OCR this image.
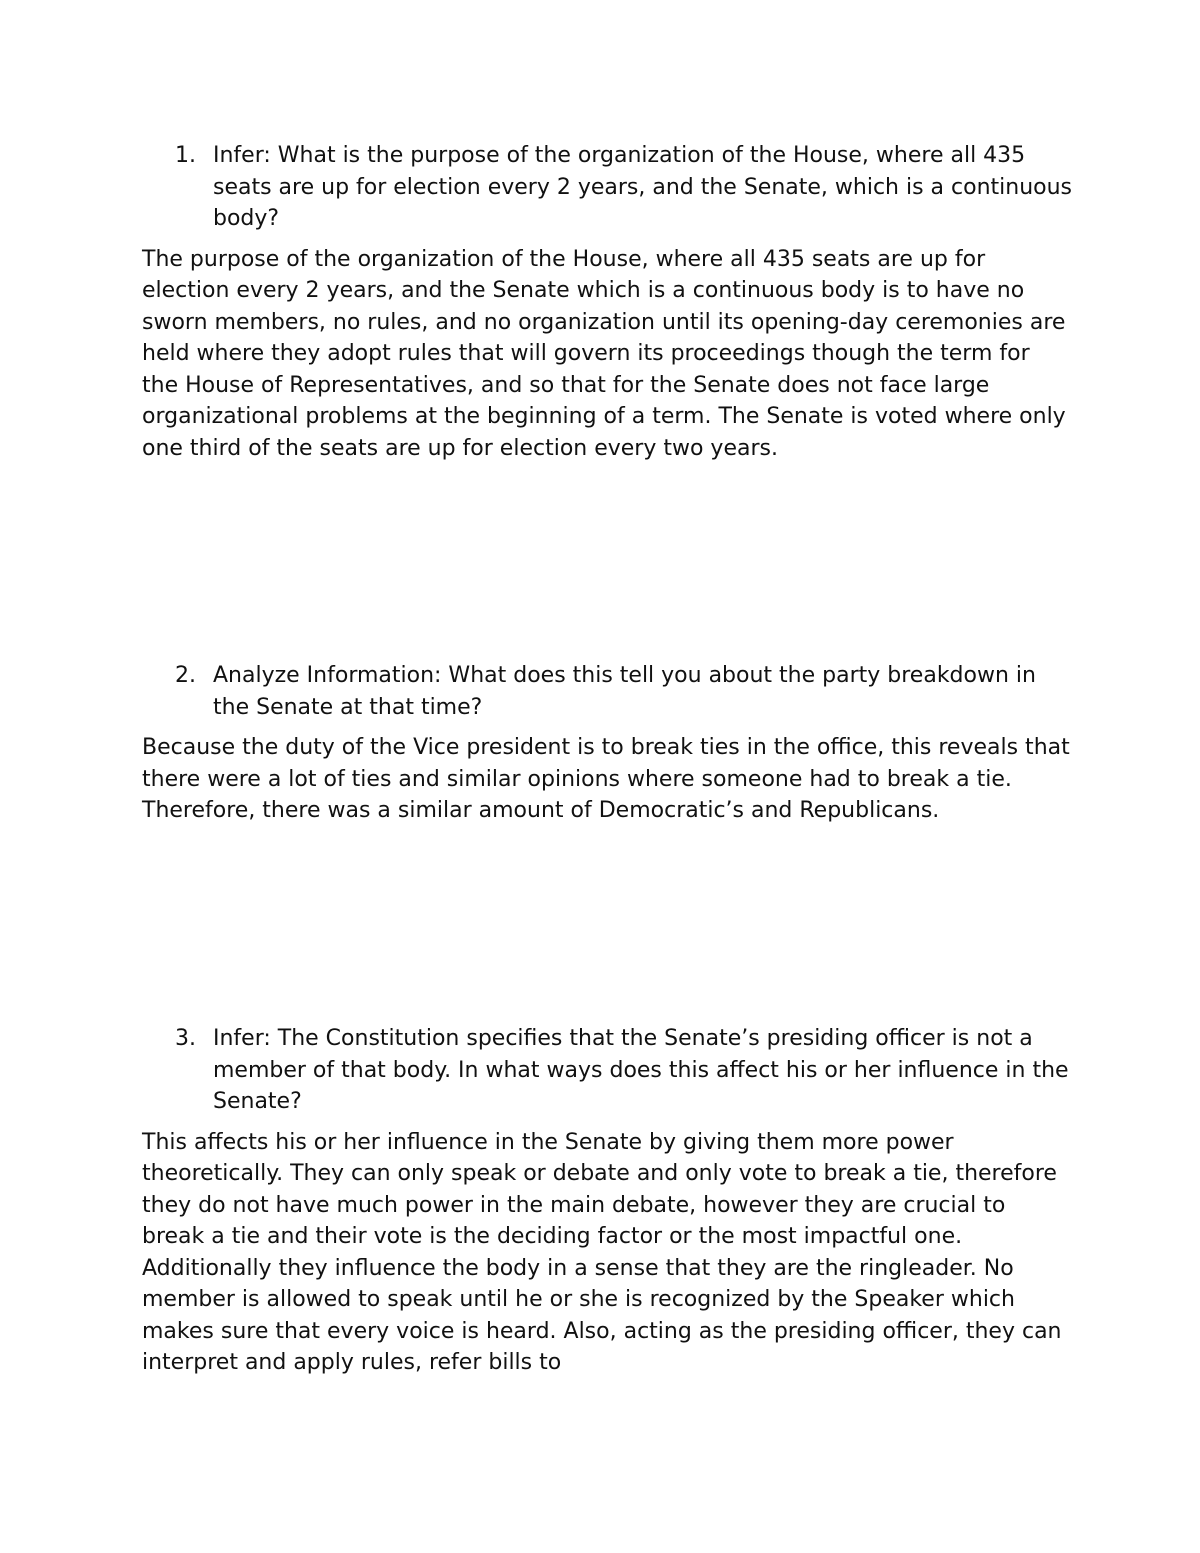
1. Infer: What is the purpose of the organization of the House, where all 435 seats are up for election every 2 years, and the Senate, which is a continuous body?
The purpose of the organization of the House, where all 435 seats are up for election every 2 years, and the Senate which is a continuous body is to have no sworn members, no rules, and no organization until its opening-day ceremonies are held where they adopt rules that will govern its proceedings though the term for the House of Representatives, and so that for the Senate does not face large organizational problems at the beginning of a term. The Senate is voted where only one third of the seats are up for election every two years.
2. Analyze Information: What does this tell you about the party breakdown in the Senate at that time?
Because the duty of the Vice president is to break ties in the office, this reveals that there were a lot of ties and similar opinions where someone had to break a tie. Therefore, there was a similar amount of Democratic’s and Republicans.
3. Infer: The Constitution specifies that the Senate’s presiding officer is not a member of that body. In what ways does this affect his or her influence in the Senate?
This affects his or her influence in the Senate by giving them more power theoretically. They can only speak or debate and only vote to break a tie, therefore they do not have much power in the main debate, however they are crucial to break a tie and their vote is the deciding factor or the most impactful one. Additionally they influence the body in a sense that they are the ringleader. No member is allowed to speak until he or she is recognized by the Speaker which makes sure that every voice is heard. Also, acting as the presiding officer, they can interpret and apply rules, refer bills to
